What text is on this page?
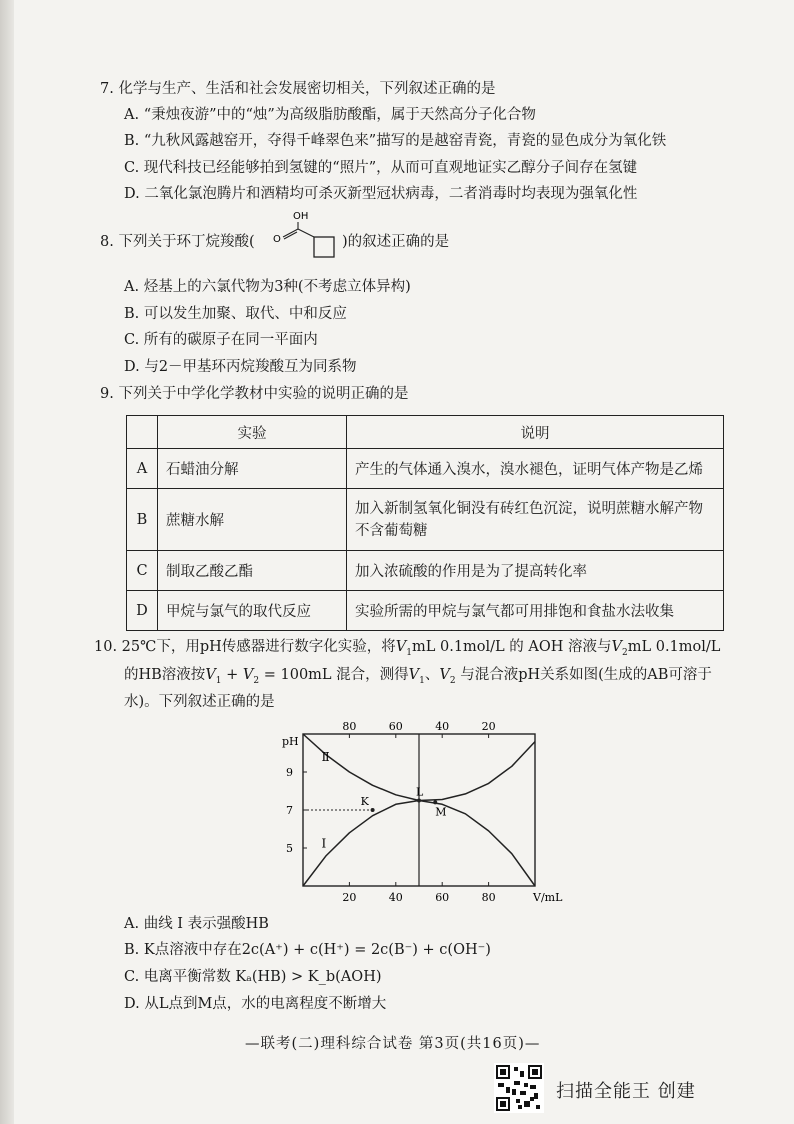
7. 化学与生产、生活和社会发展密切相关，下列叙述正确的是
A. “秉烛夜游”中的“烛”为高级脂肪酸酯，属于天然高分子化合物
B. “九秋风露越窑开，夺得千峰翠色来”描写的是越窑青瓷，青瓷的显色成分为氧化铁
C. 现代科技已经能够拍到氢键的“照片”，从而可直观地证实乙醇分子间存在氢键
D. 二氧化氯泡腾片和酒精均可杀灭新型冠状病毒，二者消毒时均表现为强氧化性
8. 下列关于环丁烷羧酸(
OH
O	)的叙述正确的是
A. 烃基上的六氯代物为3种(不考虑立体异构)
B. 可以发生加聚、取代、中和反应
C. 所有的碳原子在同一平面内
D. 与2－甲基环丙烷羧酸互为同系物
9. 下列关于中学化学教材中实验的说明正确的是
	实验	说明
A	石蜡油分解	产生的气体通入溴水，溴水褪色，证明气体产物是乙烯
B	蔗糖水解	加入新制氢氧化铜没有砖红色沉淀，说明蔗糖水解产物不含葡萄糖
C	制取乙酸乙酯	加入浓硫酸的作用是为了提高转化率
D	甲烷与氯气的取代反应	实验所需的甲烷与氯气都可用排饱和食盐水法收集
10. 25℃下，用pH传感器进行数字化实验，将$V_1mL$ 0.1mol/L 的 AOH 溶液与$V_2mL$ 0.1mol/L
的HB溶液按$V_1 + V_2 = 100mL$ 混合，测得$V_1$、$V_2$ 与混合液pH关系如图(生成的AB可溶于
水)。下列叙述正确的是
pH
V/mL
20	40	60	80
80	60	40	20
5
7
9
Ⅱ
Ⅰ
K
L
M
A. 曲线 Ⅰ 表示强酸HB
B. K点溶液中存在2c(A⁺) + c(H⁺) = 2c(B⁻) + c(OH⁻)
C. 电离平衡常数 Kₐ(HB) > K_b(AOH)
D. 从L点到M点，水的电离程度不断增大
—联考(二)理科综合试卷 第3页(共16页)—
扫描全能王 创建
